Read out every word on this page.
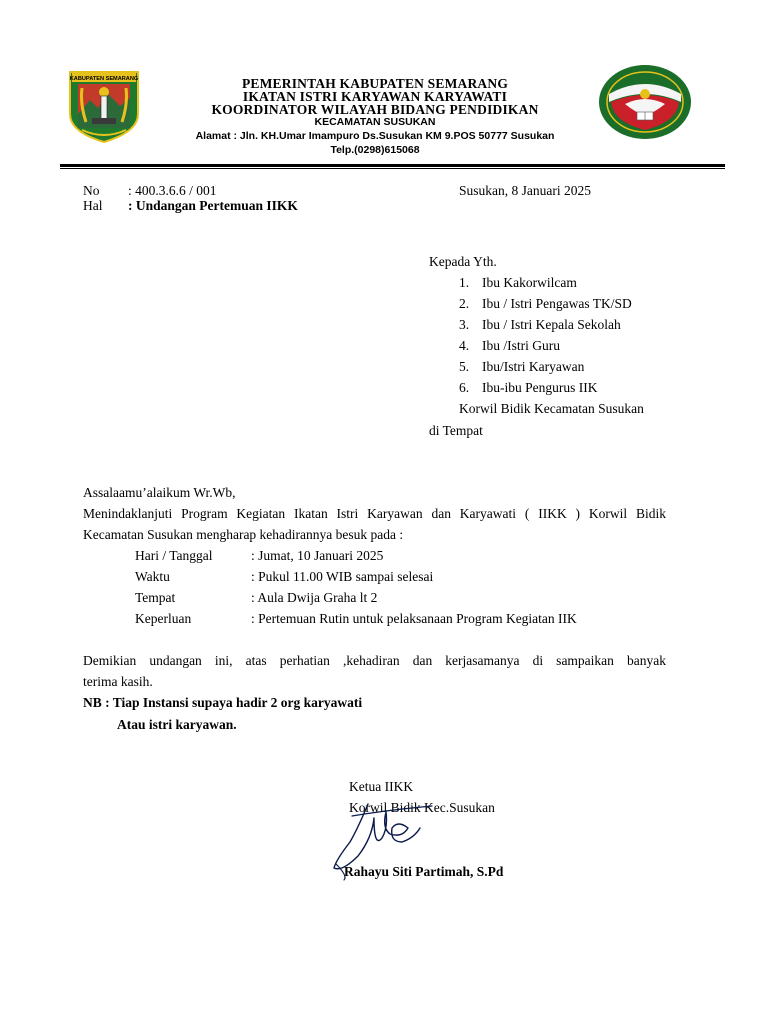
KABUPATEN SEMARANG	PEMERINTAH KABUPATEN SEMARANG
IKATAN ISTRI KARYAWAN KARYAWATI
KOORDINATOR WILAYAH BIDANG PENDIDIKAN
KECAMATAN SUSUKAN
Alamat : Jln. KH.Umar Imampuro Ds.Susukan KM 9.POS 50777 Susukan
Telp.(0298)615068
No : 400.3.6.6 / 001
Hal : Undangan Pertemuan IIKK
Susukan, 8 Januari 2025
Kepada Yth.
1. Ibu Kakorwilcam
2. Ibu / Istri Pengawas TK/SD
3. Ibu / Istri Kepala Sekolah
4. Ibu /Istri Guru
5. Ibu/Istri Karyawan
6. Ibu-ibu Pengurus IIK
Korwil Bidik Kecamatan Susukan
di Tempat
Assalaamu’alaikum Wr.Wb,
Menindaklanjuti Program Kegiatan Ikatan Istri Karyawan dan Karyawati ( IIKK ) Korwil Bidik
Kecamatan Susukan mengharap kehadirannya besuk pada :
Hari / Tanggal	: Jumat, 10 Januari 2025
Waktu	: Pukul 11.00 WIB sampai selesai
Tempat	: Aula Dwija Graha lt 2
Keperluan	: Pertemuan Rutin untuk pelaksanaan Program Kegiatan IIK
Demikian undangan ini, atas perhatian ,kehadiran dan kerjasamanya di sampaikan banyak
terima kasih.
NB : Tiap Instansi supaya hadir 2 org karyawati
Atau istri karyawan.
Ketua IIKK
Korwil Bidik Kec.Susukan
Rahayu Siti Partimah, S.Pd
